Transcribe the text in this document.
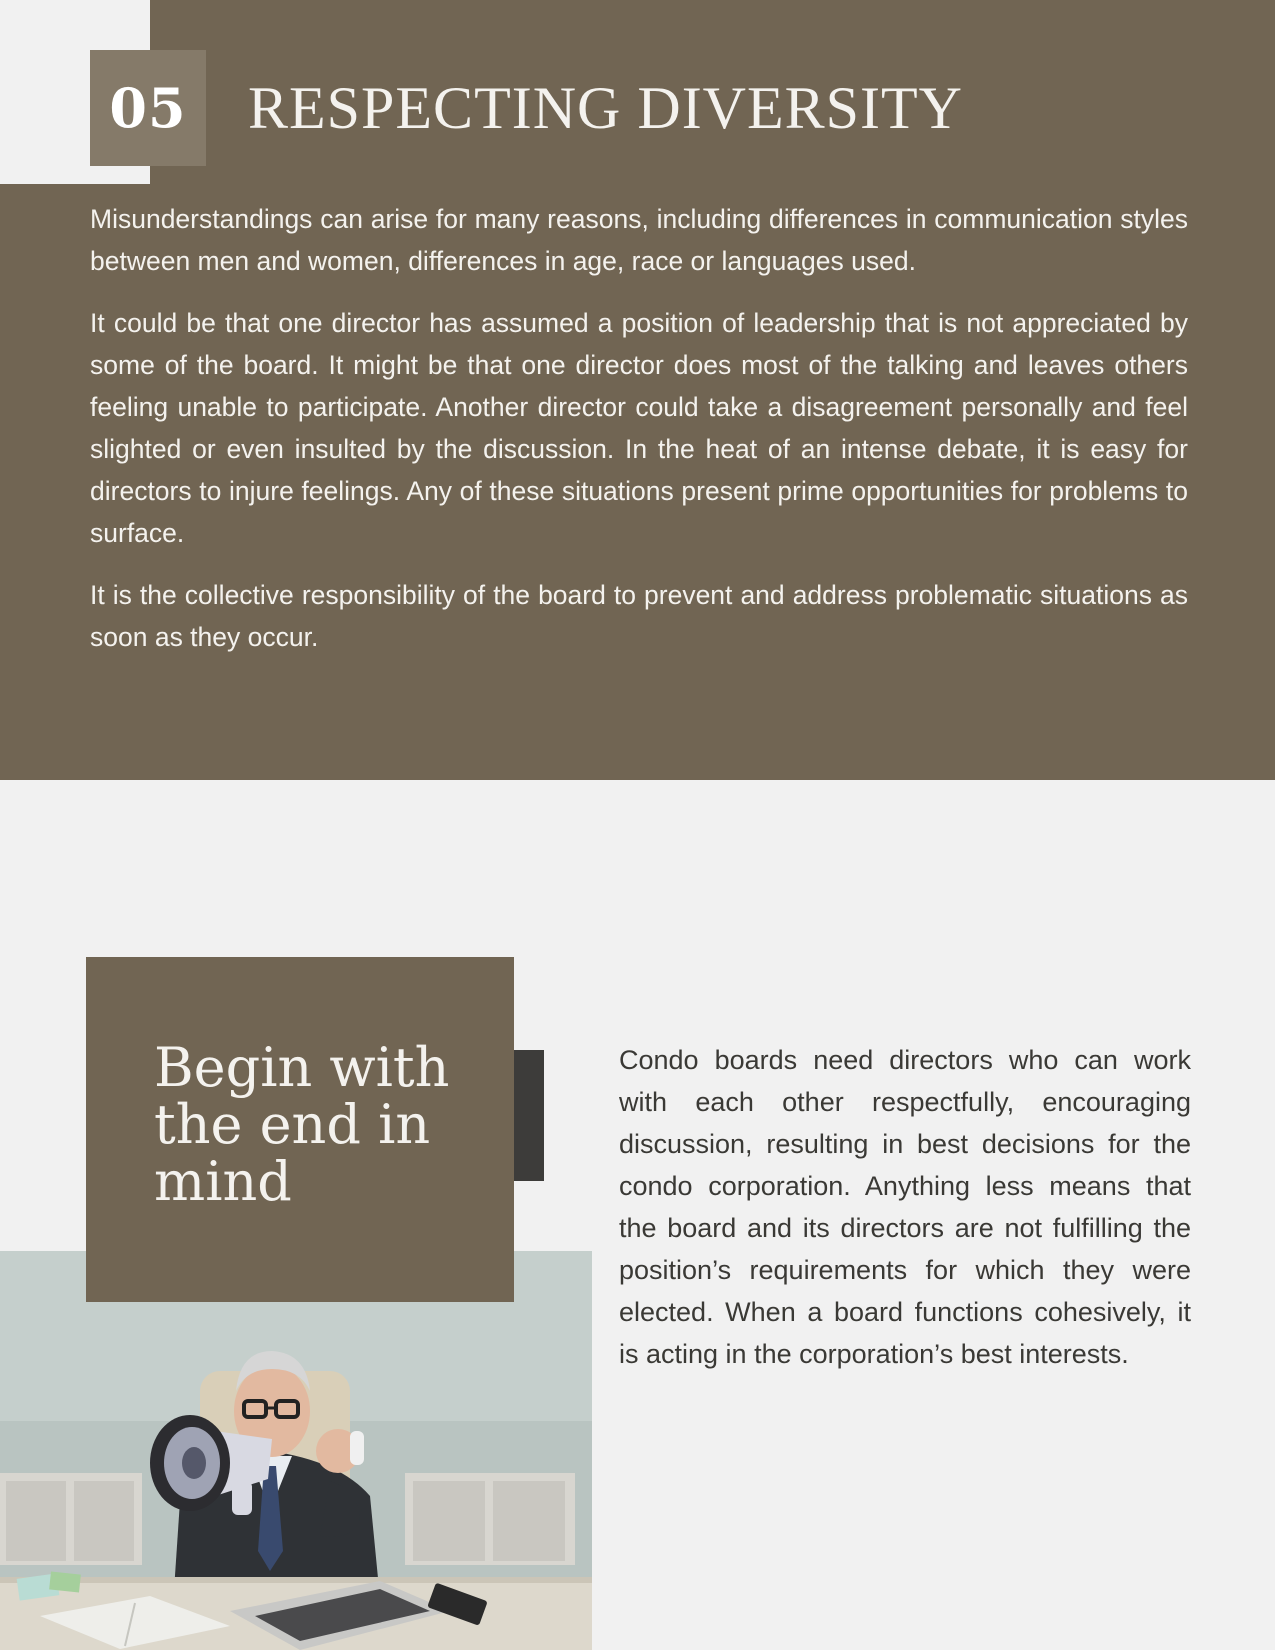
05 RESPECTING DIVERSITY

Misunderstandings can arise for many reasons, including differences in communication styles between men and women, differences in age, race or languages used.

It could be that one director has assumed a position of leadership that is not appreciated by some of the board. It might be that one director does most of the talking and leaves others feeling unable to participate. Another director could take a disagreement personally and feel slighted or even insulted by the discussion. In the heat of an intense debate, it is easy for directors to injure feelings. Any of these situations present prime opportunities for problems to surface.

It is the collective responsibility of the board to prevent and address problematic situations as soon as they occur.

Begin with the end in mind
Condo boards need directors who can work with each other respectfully, encouraging discussion, resulting in best decisions for the condo corporation. Anything less means that the board and its directors are not fulfilling the position’s requirements for which they were elected. When a board functions cohesively, it is acting in the corporation’s best interests.
